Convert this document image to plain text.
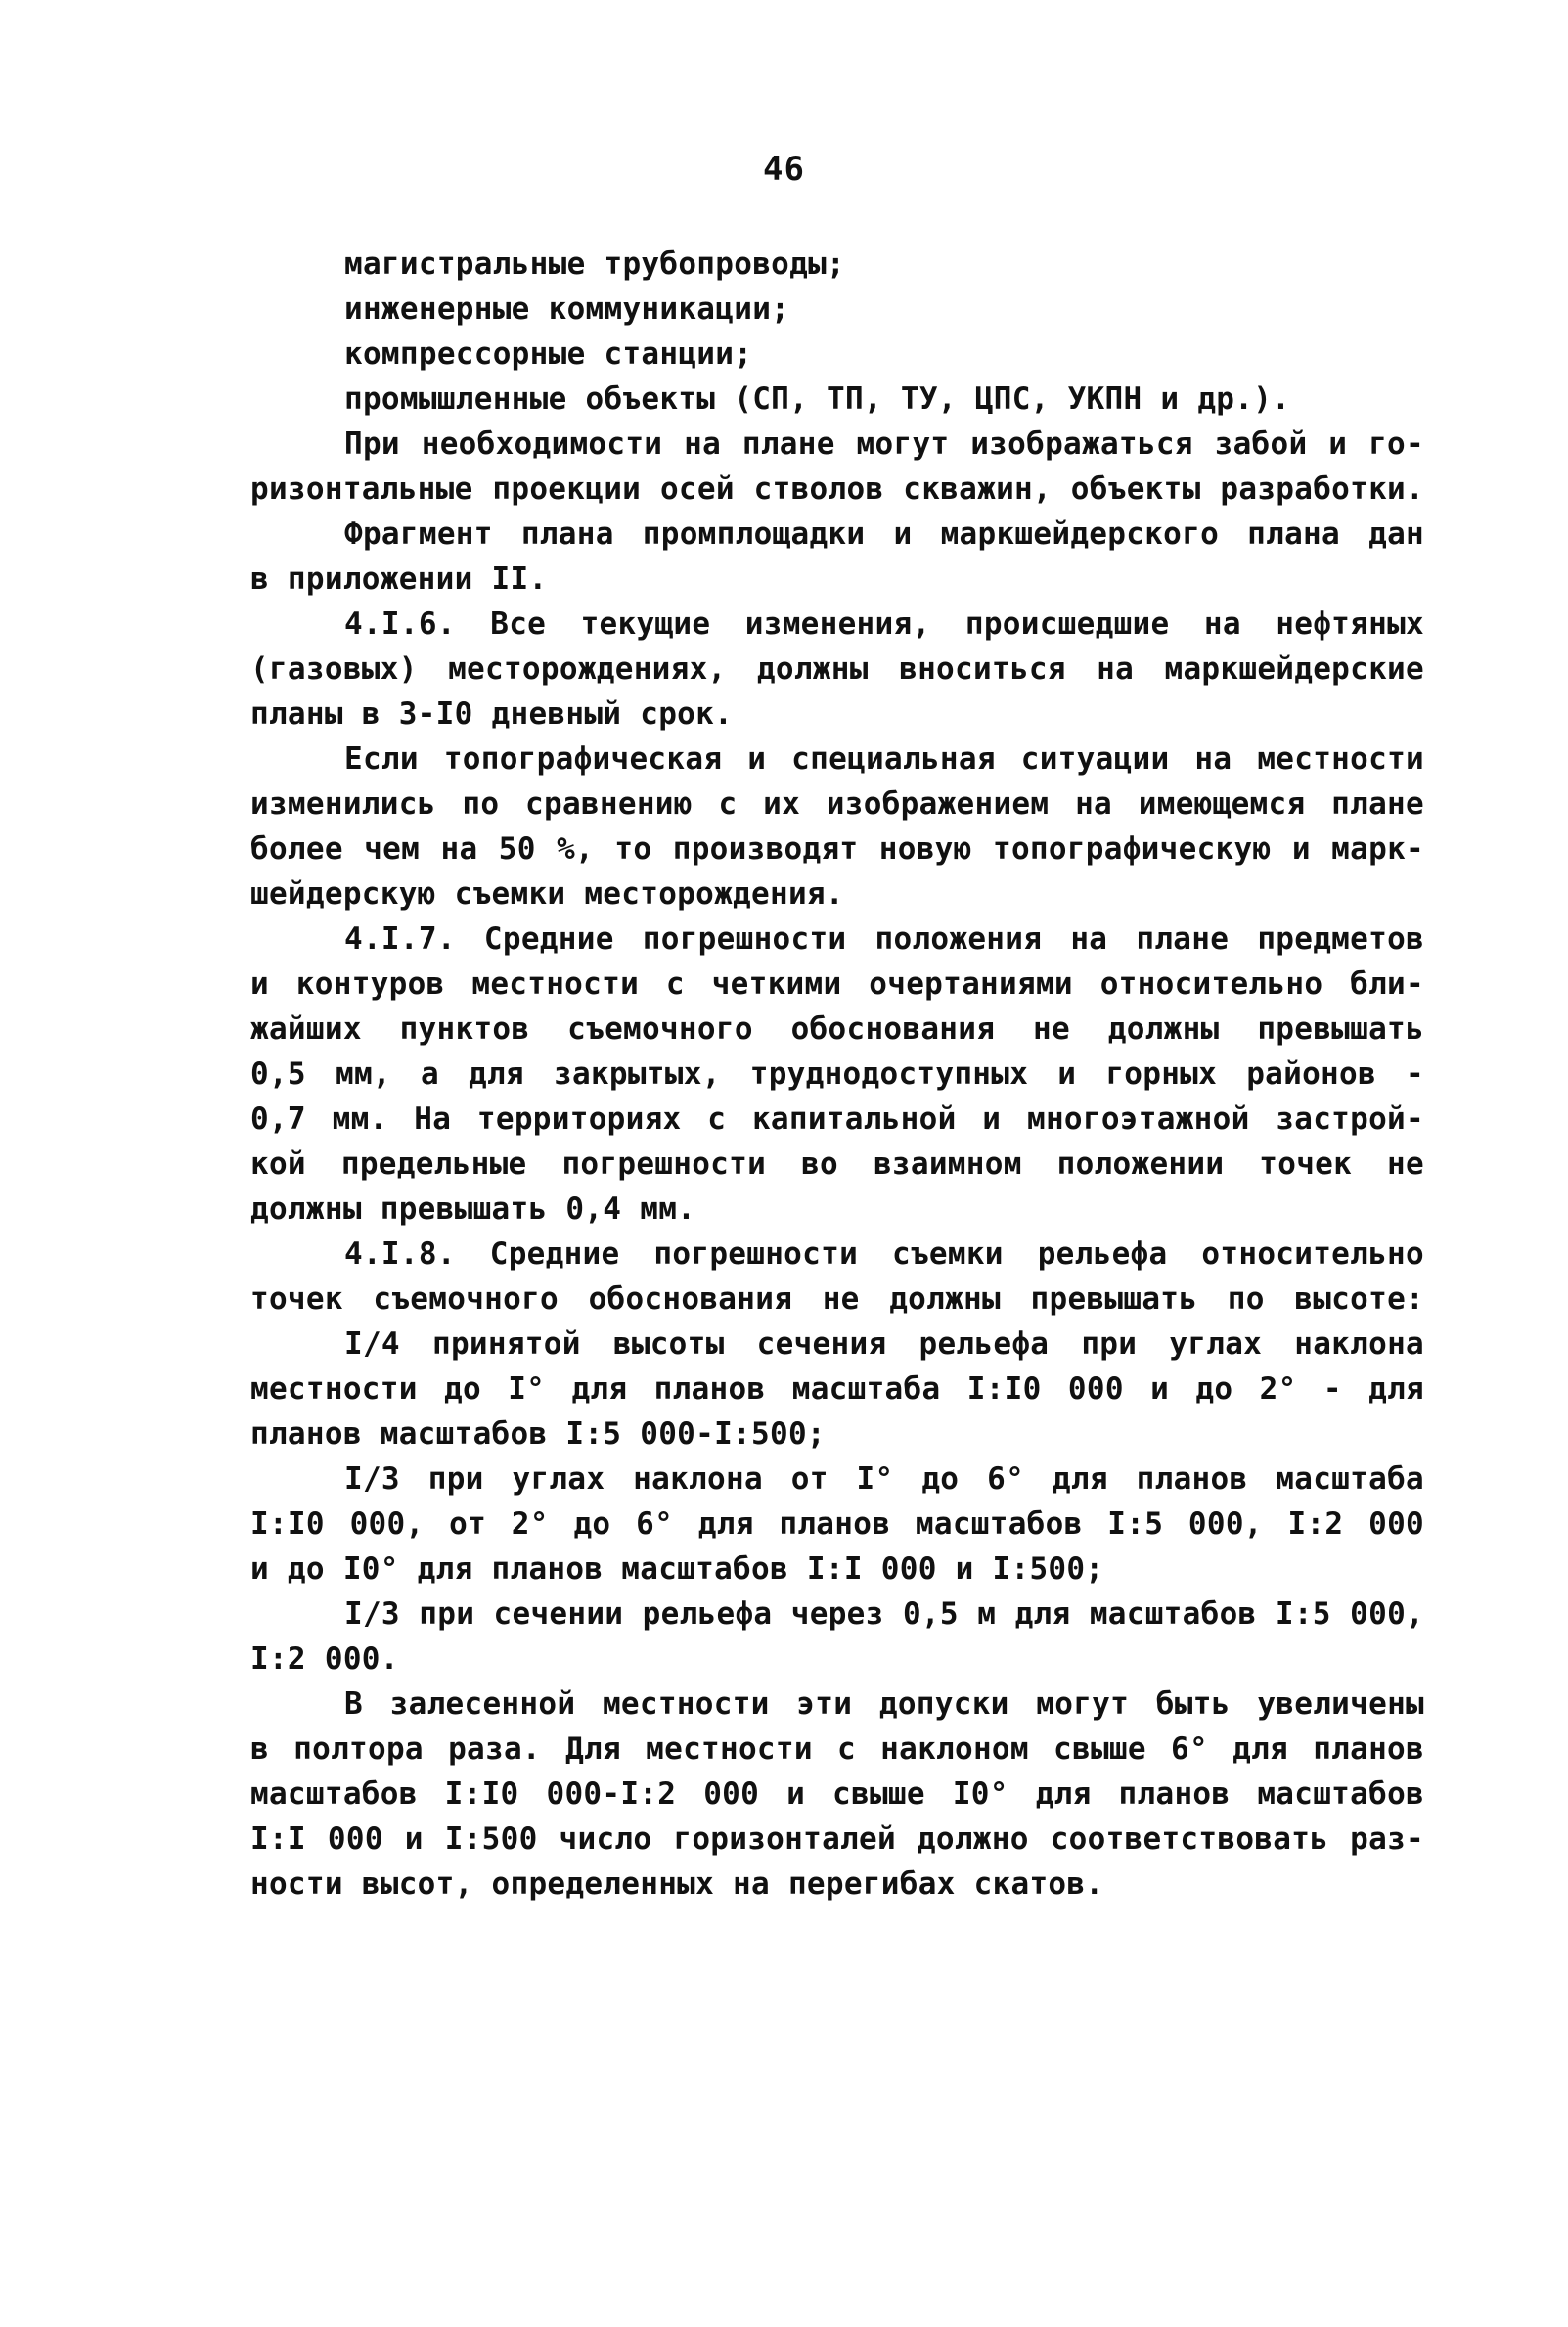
46
магистральные трубопроводы;
инженерные коммуникации;
компрессорные станции;
промышленные объекты (СП, ТП, ТУ, ЦПС, УКПН и др.).
При необходимости на плане могут изображаться забой и го-
ризонтальные проекции осей стволов скважин, объекты разработки.
Фрагмент плана промплощадки и маркшейдерского плана дан
в приложении II.
4.I.6. Все текущие изменения, происшедшие на нефтяных
(газовых) месторождениях, должны вноситься на маркшейдерские
планы в 3-I0 дневный срок.
Если топографическая и специальная ситуации на местности
изменились по сравнению с их изображением на имеющемся плане
более чем на 50 %, то производят новую топографическую и марк-
шейдерскую съемки месторождения.
4.I.7. Средние погрешности положения на плане предметов
и контуров местности с четкими очертаниями относительно бли-
жайших пунктов съемочного обоснования не должны превышать
0,5 мм, а для закрытых, труднодоступных и горных районов -
0,7 мм. На территориях с капитальной и многоэтажной застрой-
кой предельные погрешности во взаимном положении точек не
должны превышать 0,4 мм.
4.I.8. Средние погрешности съемки рельефа относительно
точек съемочного обоснования не должны превышать по высоте:
I/4 принятой высоты сечения рельефа при углах наклона
местности до I° для планов масштаба I:I0 000 и до 2° - для
планов масштабов I:5 000-I:500;
I/3 при углах наклона от I° до 6° для планов масштаба
I:I0 000, от 2° до 6° для планов масштабов I:5 000, I:2 000
и до I0° для планов масштабов I:I 000 и I:500;
I/3 при сечении рельефа через 0,5 м для масштабов I:5 000,
I:2 000.
В залесенной местности эти допуски могут быть увеличены
в полтора раза. Для местности с наклоном свыше 6° для планов
масштабов I:I0 000-I:2 000 и свыше I0° для планов масштабов
I:I 000 и I:500 число горизонталей должно соответствовать раз-
ности высот, определенных на перегибах скатов.
